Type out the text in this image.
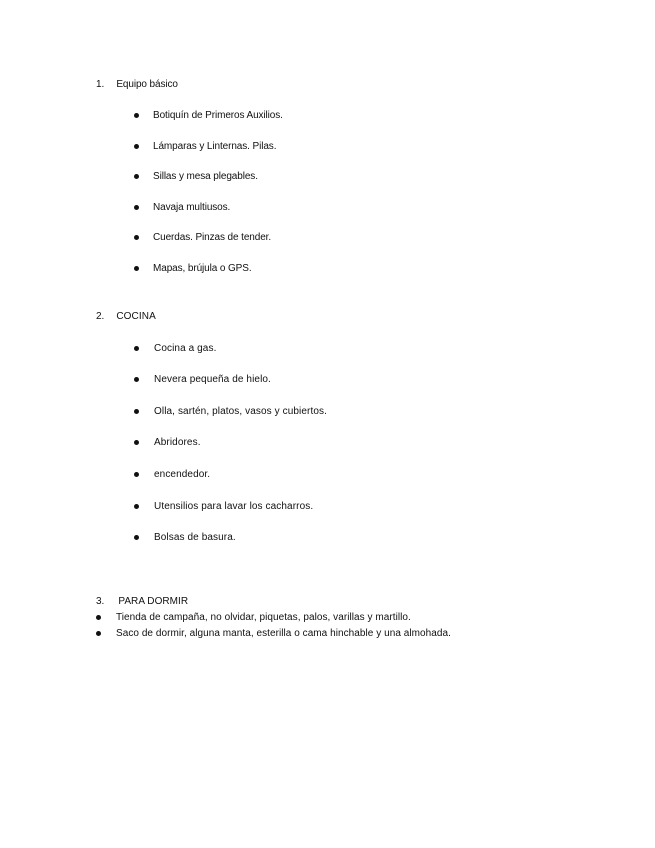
1. Equipo básico
Botiquín de Primeros Auxilios.
Lámparas y Linternas. Pilas.
Sillas y mesa plegables.
Navaja multiusos.
Cuerdas. Pinzas de tender.
Mapas, brújula o GPS.
2. COCINA
Cocina a gas.
Nevera pequeña de hielo.
Olla, sartén, platos, vasos y cubiertos.
Abridores.
encendedor.
Utensilios para lavar los cacharros.
Bolsas de basura.
3. PARA DORMIR
Tienda de campaña, no olvidar, piquetas, palos, varillas y martillo.
Saco de dormir, alguna manta, esterilla o cama hinchable y una almohada.
